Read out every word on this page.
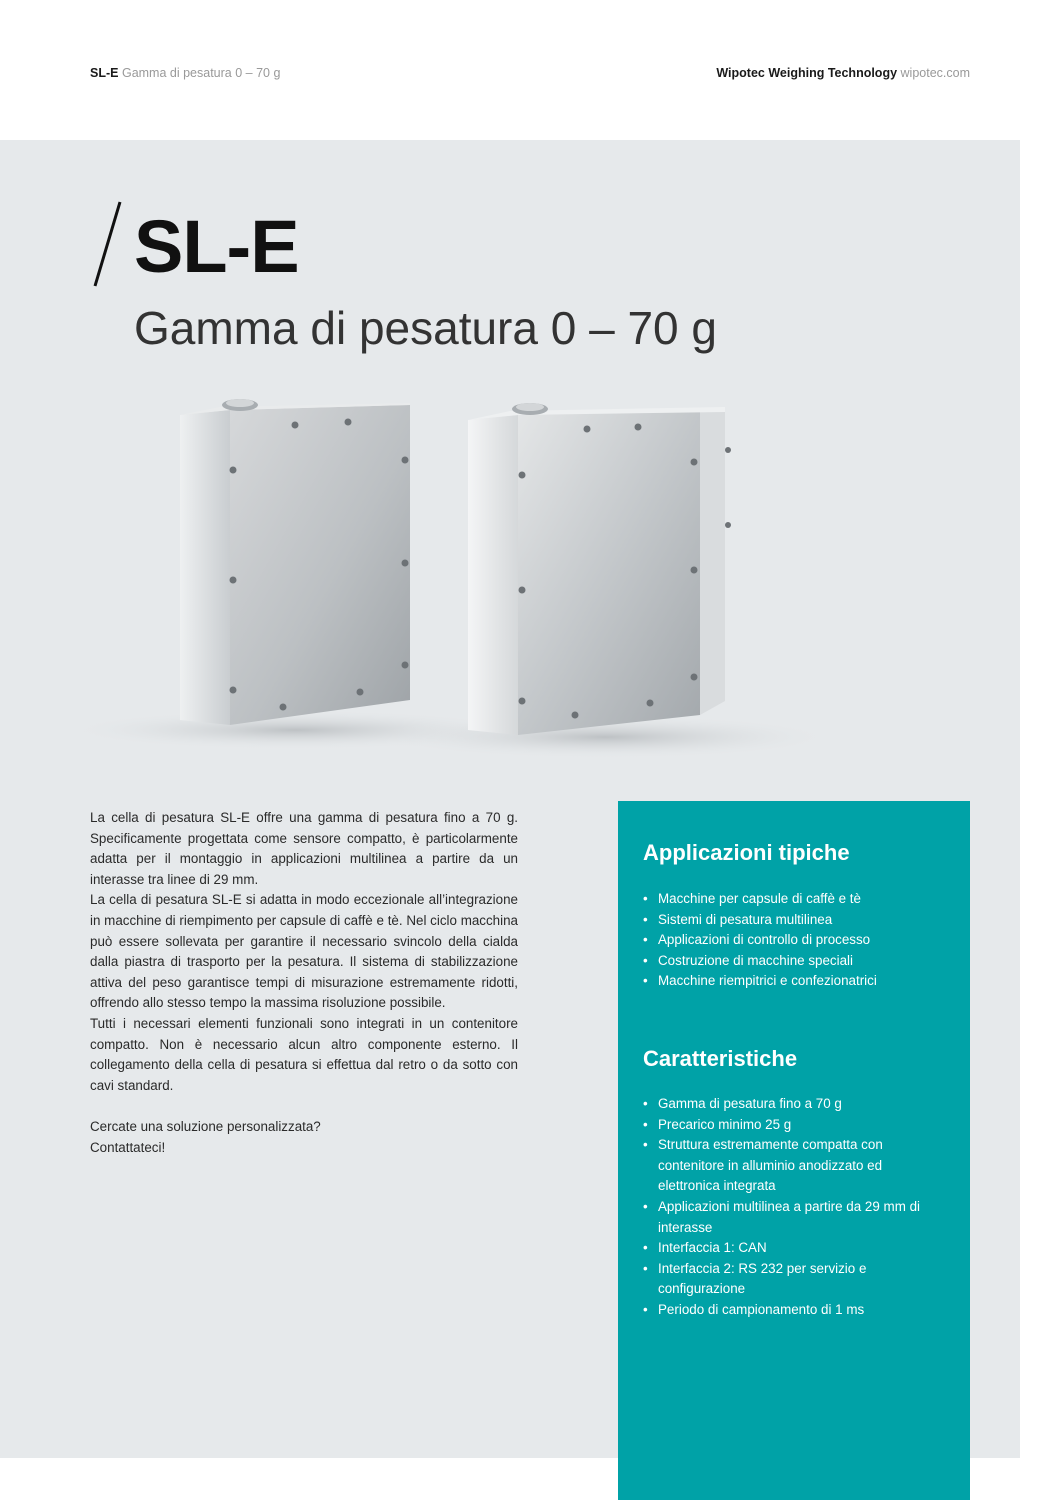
SL-E Gamma di pesatura 0 – 70 g	Wipotec Weighing Technology wipotec.com
SL-E
Gamma di pesatura 0 – 70 g

La cella di pesatura SL-E offre una gamma di pesatura fino a 70 g. Specificamente progettata come sensore compatto, è particolarmente adatta per il montaggio in applicazioni multilinea a partire da un interasse tra linee di 29 mm.

La cella di pesatura SL-E si adatta in modo eccezionale all’integrazione in macchine di riempimento per capsule di caffè e tè. Nel ciclo macchina può essere sollevata per garantire il necessario svincolo della cialda dalla piastra di trasporto per la pesatura. Il sistema di stabilizzazione attiva del peso garantisce tempi di misurazione estremamente ridotti, offrendo allo stesso tempo la massima risoluzione possibile.

Tutti i necessari elementi funzionali sono integrati in un contenitore compatto. Non è necessario alcun altro componente esterno. Il collegamento della cella di pesatura si effettua dal retro o da sotto con cavi standard.

Cercate una soluzione personalizzata?

Contattateci!

Applicazioni tipiche
• Macchine per capsule di caffè e tè
• Sistemi di pesatura multilinea
• Applicazioni di controllo di processo
• Costruzione di macchine speciali
• Macchine riempitrici e confezionatrici
Caratteristiche
• Gamma di pesatura fino a 70 g
• Precarico minimo 25 g
• Struttura estremamente compatta con contenitore in alluminio anodizzato ed elettronica integrata
• Applicazioni multilinea a partire da 29 mm di interasse
• Interfaccia 1: CAN
• Interfaccia 2: RS 232 per servizio e configurazione
• Periodo di campionamento di 1 ms
